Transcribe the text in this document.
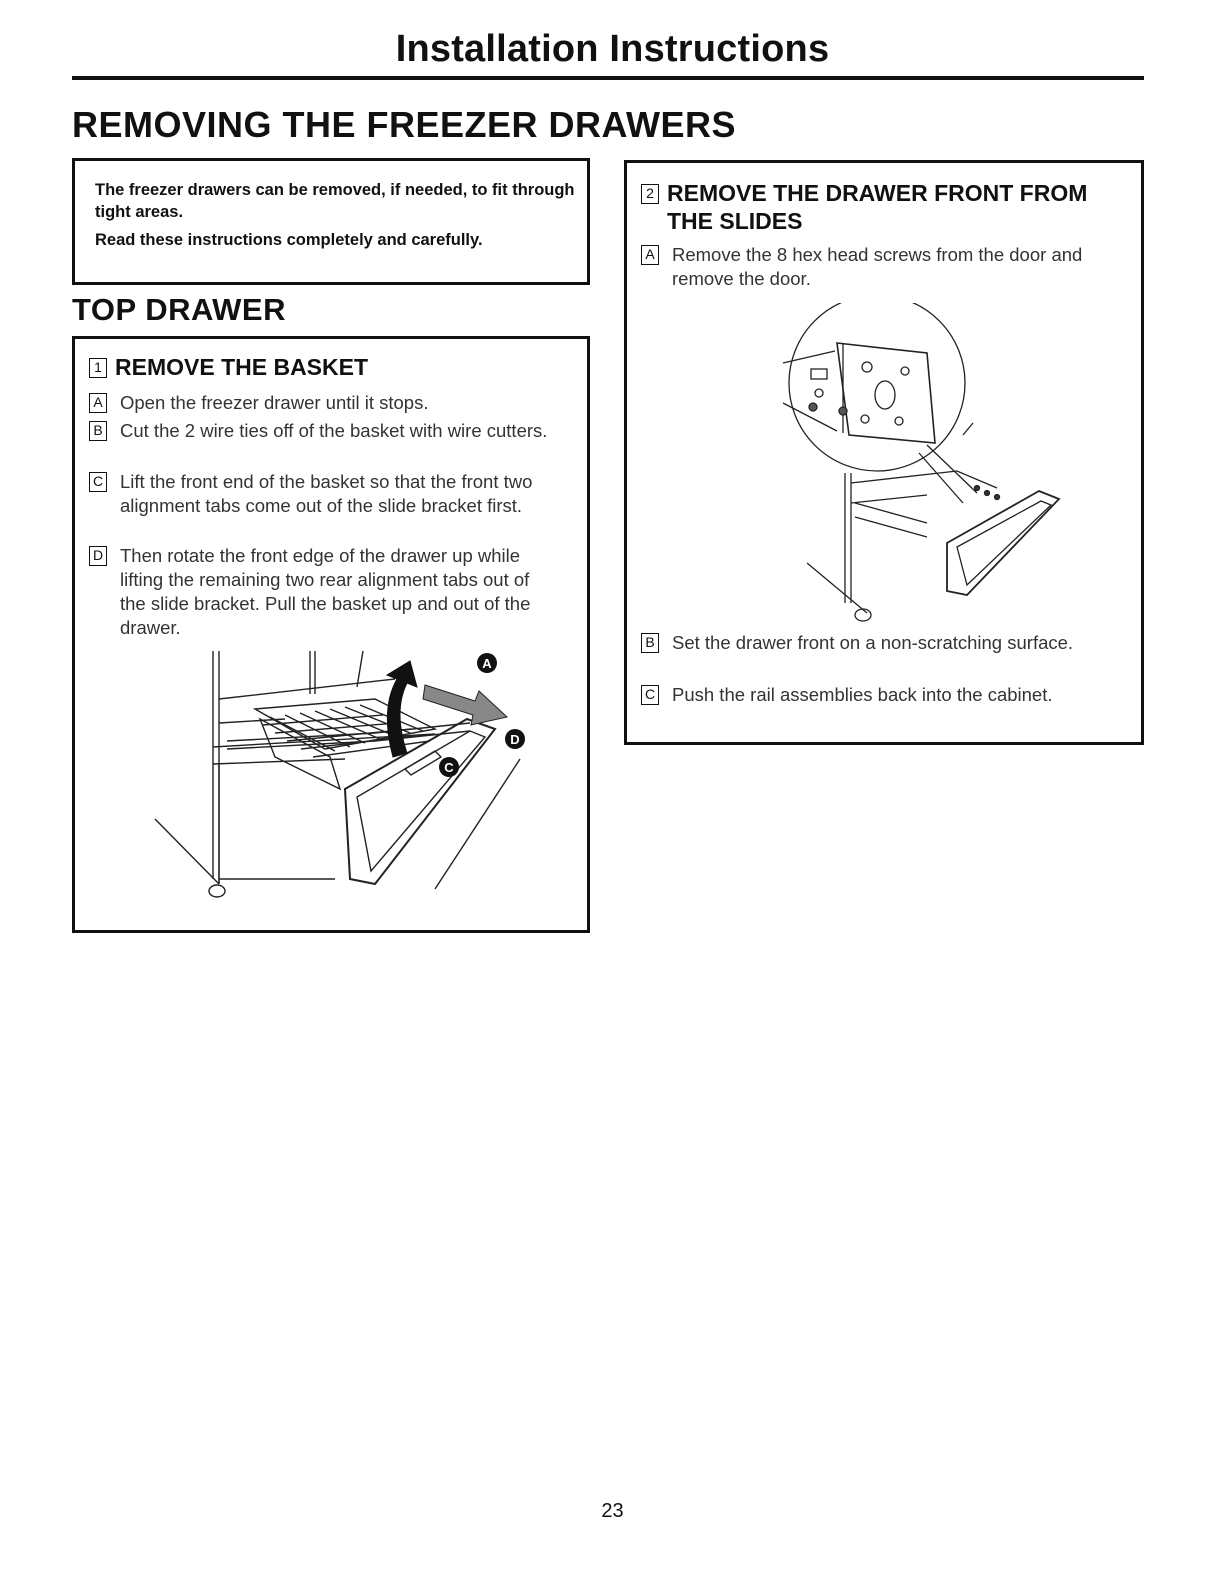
Installation Instructions
REMOVING THE FREEZER DRAWERS

The freezer drawers can be removed, if needed, to fit through tight areas.

Read these instructions completely and carefully.

TOP DRAWER
1 REMOVE THE BASKET
A Open the freezer drawer until it stops.
B Cut the 2 wire ties off of the basket with wire cutters.
C Lift the front end of the basket so that the front two alignment tabs come out of the slide bracket first.
D Then rotate the front edge of the drawer up while lifting the remaining two rear alignment tabs out of the slide bracket. Pull the basket up and out of the drawer.
A
C
D
2 REMOVE THE DRAWER FRONT FROM
THE SLIDES
A Remove the 8 hex head screws from the door and remove the door.
B Set the drawer front on a non-scratching surface.
C Push the rail assemblies back into the cabinet.
23
